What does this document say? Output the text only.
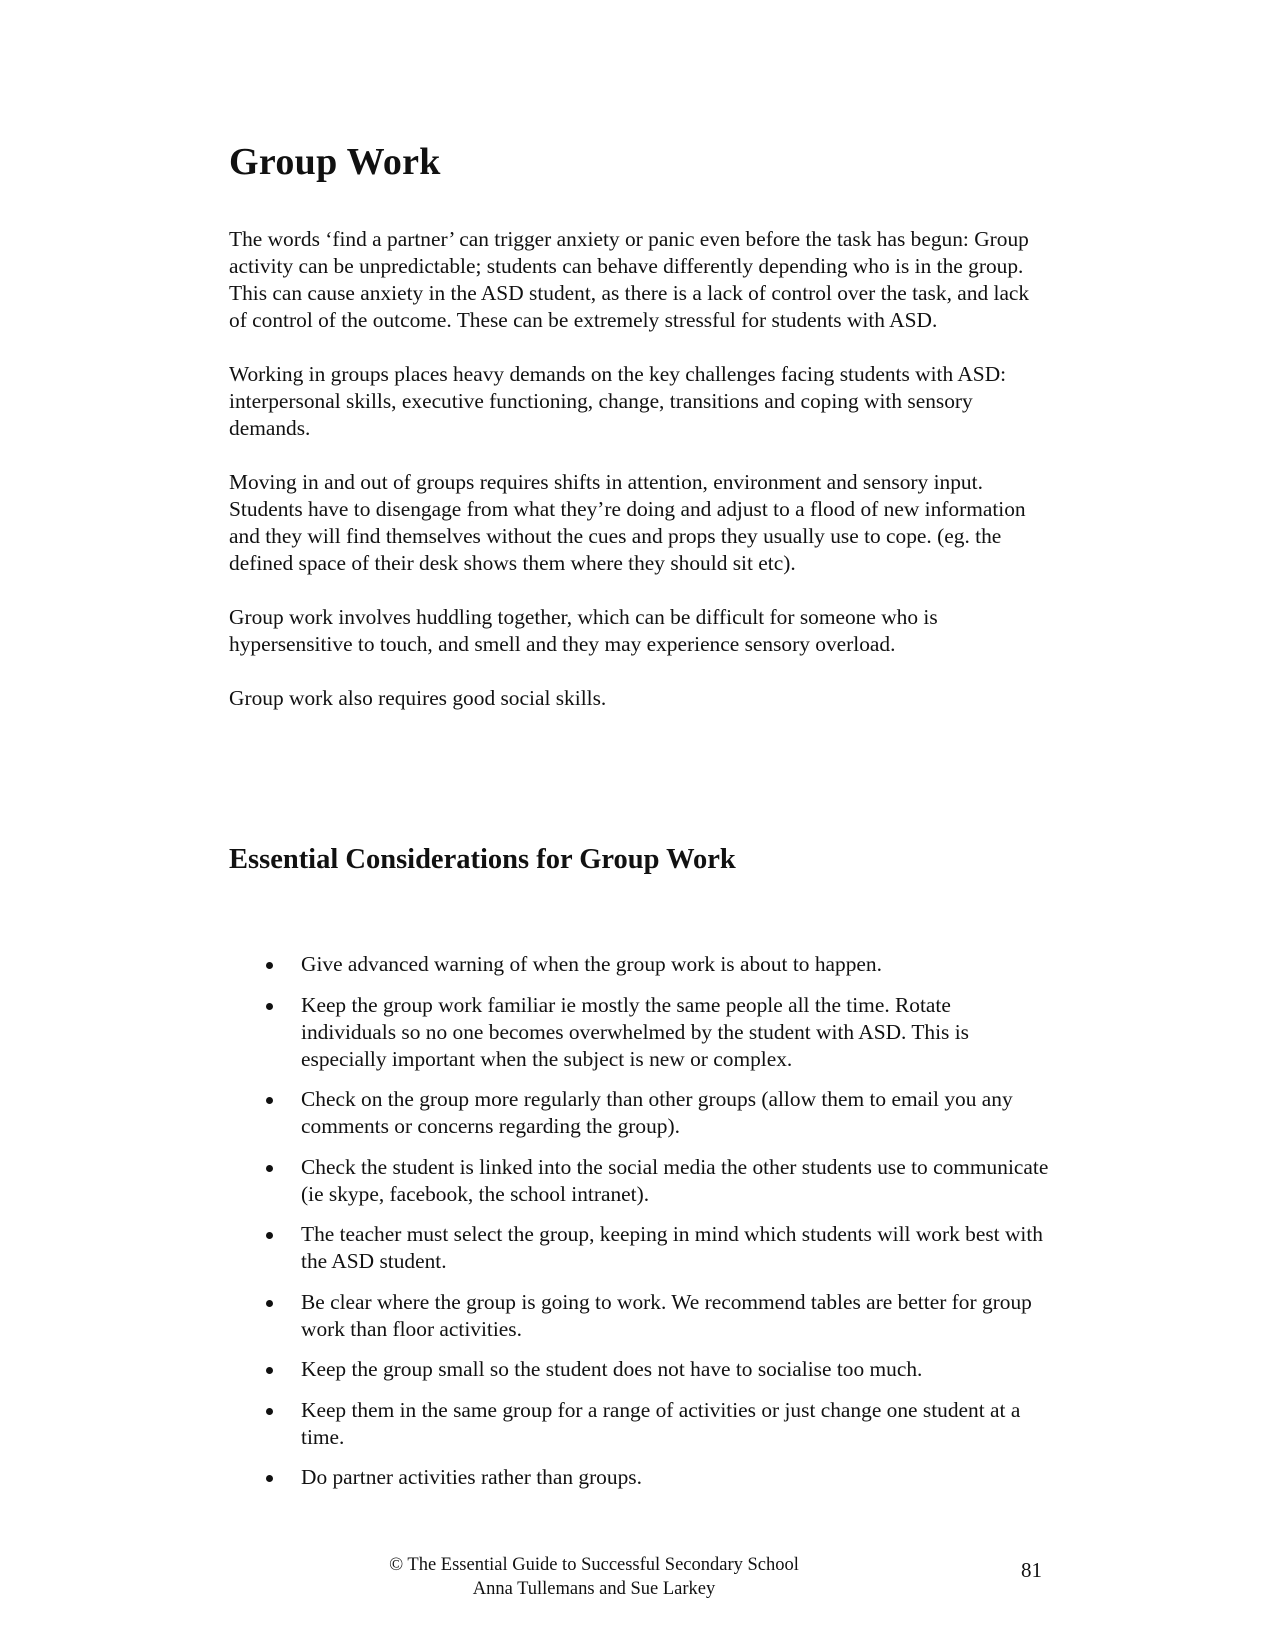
Group Work

The words ‘find a partner’ can trigger anxiety or panic even before the task has begun: Group activity can be unpredictable; students can behave differently depending who is in the group. This can cause anxiety in the ASD student, as there is a lack of control over the task, and lack of control of the outcome. These can be extremely stressful for students with ASD.

Working in groups places heavy demands on the key challenges facing students with ASD: interpersonal skills, executive functioning, change, transitions and coping with sensory demands.

Moving in and out of groups requires shifts in attention, environment and sensory input. Students have to disengage from what they’re doing and adjust to a flood of new information and they will find themselves without the cues and props they usually use to cope. (eg. the defined space of their desk shows them where they should sit etc).

Group work involves huddling together, which can be difficult for someone who is hypersensitive to touch, and smell and they may experience sensory overload.

Group work also requires good social skills.

Essential Considerations for Group Work
Give advanced warning of when the group work is about to happen.
Keep the group work familiar ie mostly the same people all the time. Rotate individuals so no one becomes overwhelmed by the student with ASD. This is especially important when the subject is new or complex.
Check on the group more regularly than other groups (allow them to email you any comments or concerns regarding the group).
Check the student is linked into the social media the other students use to communicate (ie skype, facebook, the school intranet).
The teacher must select the group, keeping in mind which students will work best with the ASD student.
Be clear where the group is going to work. We recommend tables are better for group work than floor activities.
Keep the group small so the student does not have to socialise too much.
Keep them in the same group for a range of activities or just change one student at a time.
Do partner activities rather than groups.
© The Essential Guide to Successful Secondary School
Anna Tullemans and Sue Larkey
81
